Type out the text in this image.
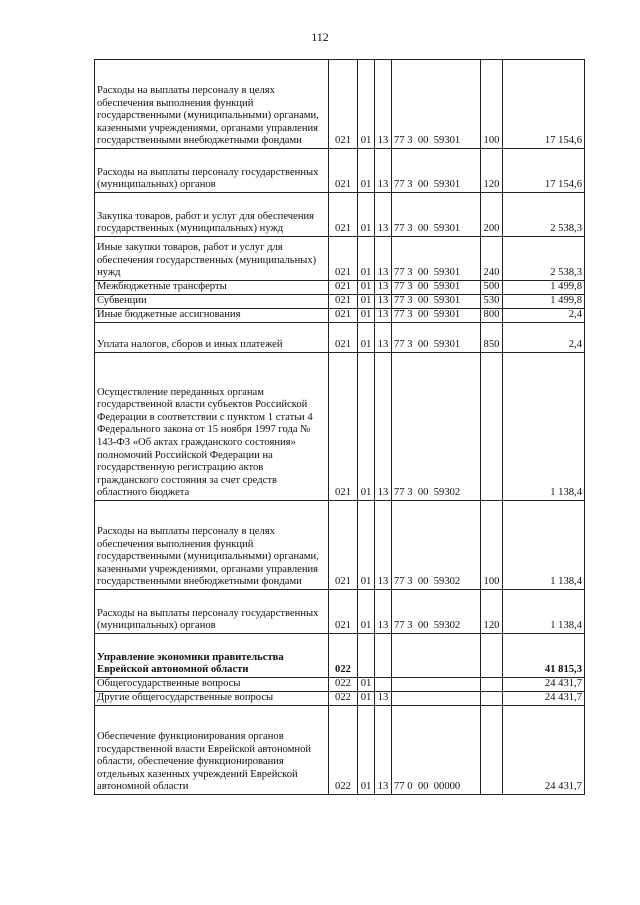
112
Расходы на выплаты персоналу в целях обеспечения выполнения функций государственными (муниципальными) органами, казенными учреждениями, органами управления государственными внебюджетными фондами	021	01	13	77 3  00  59301	100	17 154,6
Расходы на выплаты персоналу государственных (муниципальных) органов	021	01	13	77 3  00  59301	120	17 154,6
Закупка товаров, работ и услуг для обеспечения государственных (муниципальных) нужд	021	01	13	77 3  00  59301	200	2 538,3
Иные закупки товаров, работ и услуг для обеспечения государственных (муниципальных) нужд	021	01	13	77 3  00  59301	240	2 538,3
Межбюджетные трансферты	021	01	13	77 3  00  59301	500	1 499,8
Субвенции	021	01	13	77 3  00  59301	530	1 499,8
Иные бюджетные ассигнования	021	01	13	77 3  00  59301	800	2,4
Уплата налогов, сборов и иных платежей	021	01	13	77 3  00  59301	850	2,4
Осуществление переданных органам государственной власти субъектов Российской Федерации в соответствии с пунктом 1 статьи 4 Федерального закона от 15 ноября 1997 года № 143-ФЗ «Об актах гражданского состояния» полномочий Российской Федерации на государственную регистрацию актов гражданского состояния за счет средств областного бюджета	021	01	13	77 3  00  59302		1 138,4
Расходы на выплаты персоналу в целях обеспечения выполнения функций государственными (муниципальными) органами, казенными учреждениями, органами управления государственными внебюджетными фондами	021	01	13	77 3  00  59302	100	1 138,4
Расходы на выплаты персоналу государственных (муниципальных) органов	021	01	13	77 3  00  59302	120	1 138,4
Управление экономики правительства Еврейской автономной области	022					41 815,3
Общегосударственные вопросы	022	01				24 431,7
Другие общегосударственные вопросы	022	01	13			24 431,7
Обеспечение функционирования органов государственной власти Еврейской автономной области, обеспечение функционирования отдельных казенных учреждений Еврейской автономной области	022	01	13	77 0  00  00000		24 431,7
